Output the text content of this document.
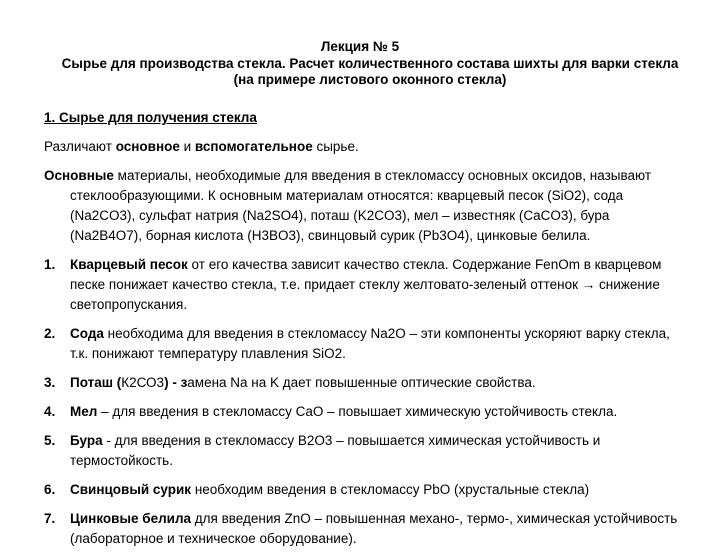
Лекция № 5
Сырье для производства стекла. Расчет количественного состава шихты для варки стекла (на примере листового оконного стекла)
1. Сырье для получения стекла
Различают основное и вспомогательное сырье.
Основные материалы, необходимые для введения в стекломассу основных оксидов, называют стеклообразующими. К основным материалам относятся: кварцевый песок (SiO2), сода (Na2CO3), сульфат натрия (Na2SO4), поташ (K2CO3), мел – известняк (CaCO3), бура (Na2B4O7), борная кислота (H3BO3), свинцовый сурик (Pb3O4), цинковые белила.
1. Кварцевый песок от его качества зависит качество стекла. Содержание FenOm в кварцевом песке понижает качество стекла, т.е. придает стеклу желтовато-зеленый оттенок → снижение светопропускания.
2. Сода необходима для введения в стекломассу Na2O – эти компоненты ускоряют варку стекла, т.к. понижают температуру плавления SiO2.
3. Поташ (К2СО3) - замена Na на K дает повышенные оптические свойства.
4. Мел – для введения в стекломассу CaO – повышает химическую устойчивость стекла.
5. Бура - для введения в стекломассу B2O3 – повышается химическая устойчивость и термостойкость.
6. Свинцовый сурик необходим введения в стекломассу PbO (хрустальные стекла)
7. Цинковые белила для введения ZnO – повышенная механо-, термо-, химическая устойчивость (лабораторное и техническое оборудование).
